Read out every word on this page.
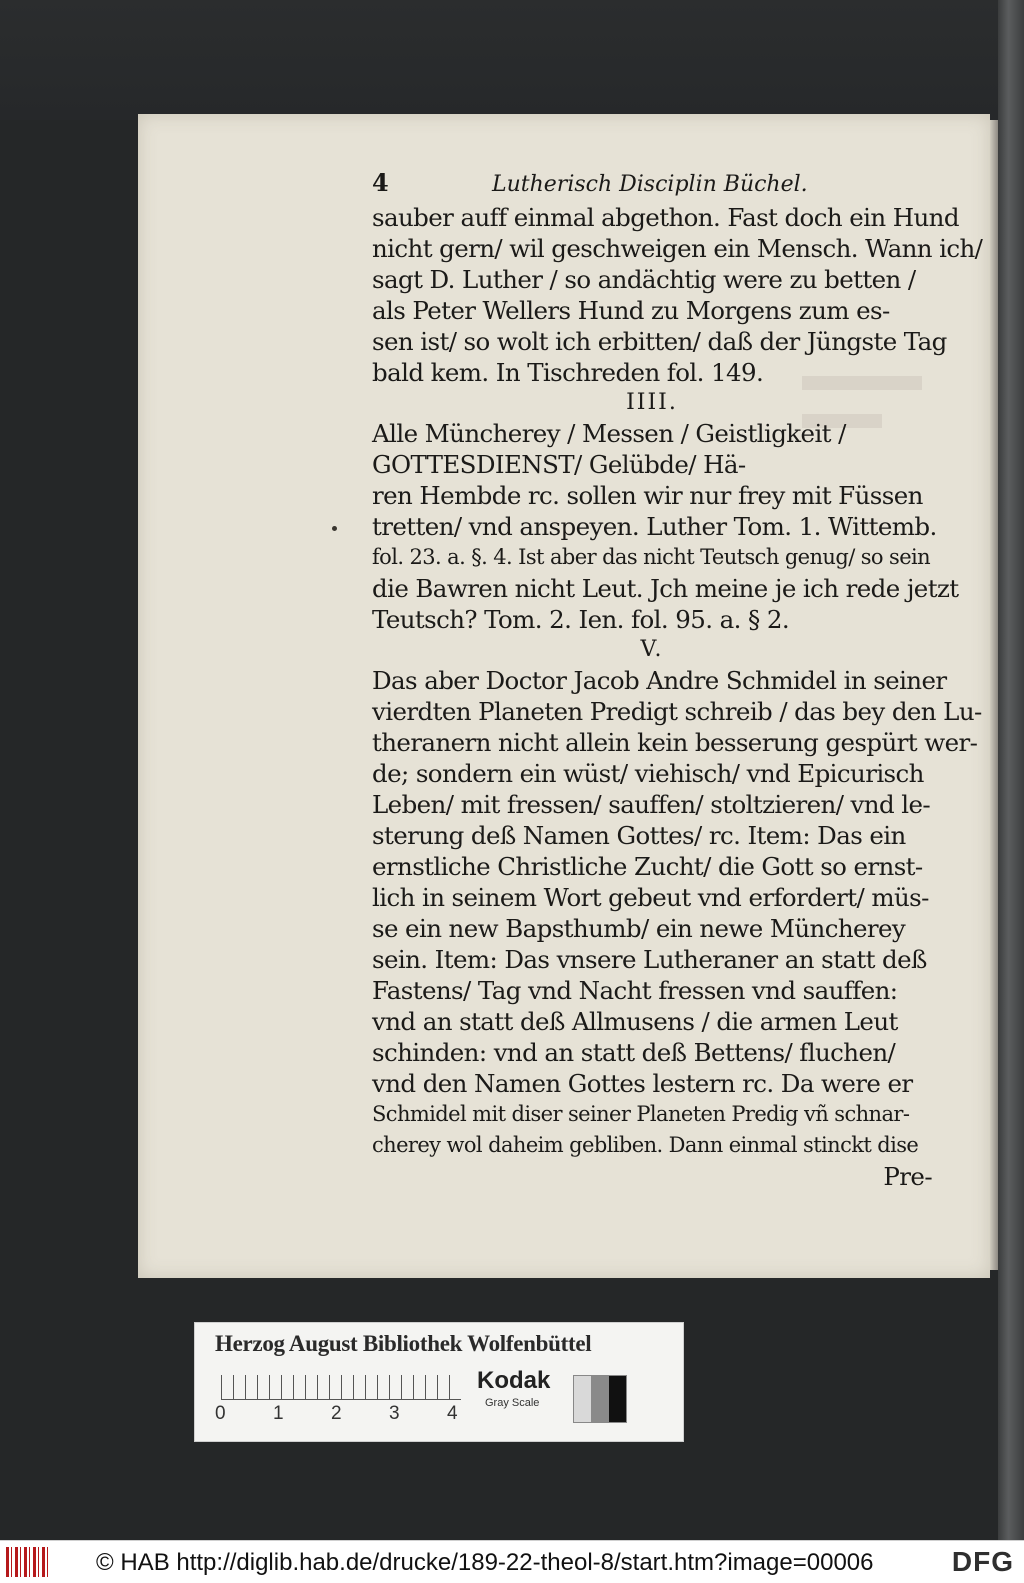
4	Lutherisch Disciplin Büchel.
sauber auff einmal abgethon. Fast doch ein Hund
nicht gern/ wil geschweigen ein Mensch. Wann ich/
sagt D. Luther / so andächtig were zu betten /
als Peter Wellers Hund zu Morgens zum es-
sen ist/ so wolt ich erbitten/ daß der Jüngste Tag
bald kem. In Tischreden fol. 149.
IIII.
Alle Müncherey / Messen / Geistligkeit /
GOTTESDIENST/ Gelübde/ Hä-
ren Hembde rc. sollen wir nur frey mit Füssen
tretten/ vnd anspeyen. Luther Tom. 1. Wittemb.
fol. 23. a. §. 4. Ist aber das nicht Teutsch genug/ so sein
die Bawren nicht Leut. Jch meine je ich rede jetzt
Teutsch? Tom. 2. Ien. fol. 95. a. § 2.
V.
Das aber Doctor Jacob Andre Schmidel in seiner
vierdten Planeten Predigt schreib / das bey den Lu-
theranern nicht allein kein besserung gespürt wer-
de; sondern ein wüst/ viehisch/ vnd Epicurisch
Leben/ mit fressen/ sauffen/ stoltzieren/ vnd le-
sterung deß Namen Gottes/ rc. Item: Das ein
ernstliche Christliche Zucht/ die Gott so ernst-
lich in seinem Wort gebeut vnd erfordert/ müs-
se ein new Bapsthumb/ ein newe Müncherey
sein. Item: Das vnsere Lutheraner an statt deß
Fastens/ Tag vnd Nacht fressen vnd sauffen:
vnd an statt deß Allmusens / die armen Leut
schinden: vnd an statt deß Bettens/ fluchen/
vnd den Namen Gottes lestern rc. Da were er
Schmidel mit diser seiner Planeten Predig vñ schnar-
cherey wol daheim gebliben. Dann einmal stinckt dise
Pre-
Herzog August Bibliothek Wolfenbüttel
0 1 2 3 4
Kodak
Gray Scale
© HAB http://diglib.hab.de/drucke/189-22-theol-8/start.htm?image=00006	DFG
